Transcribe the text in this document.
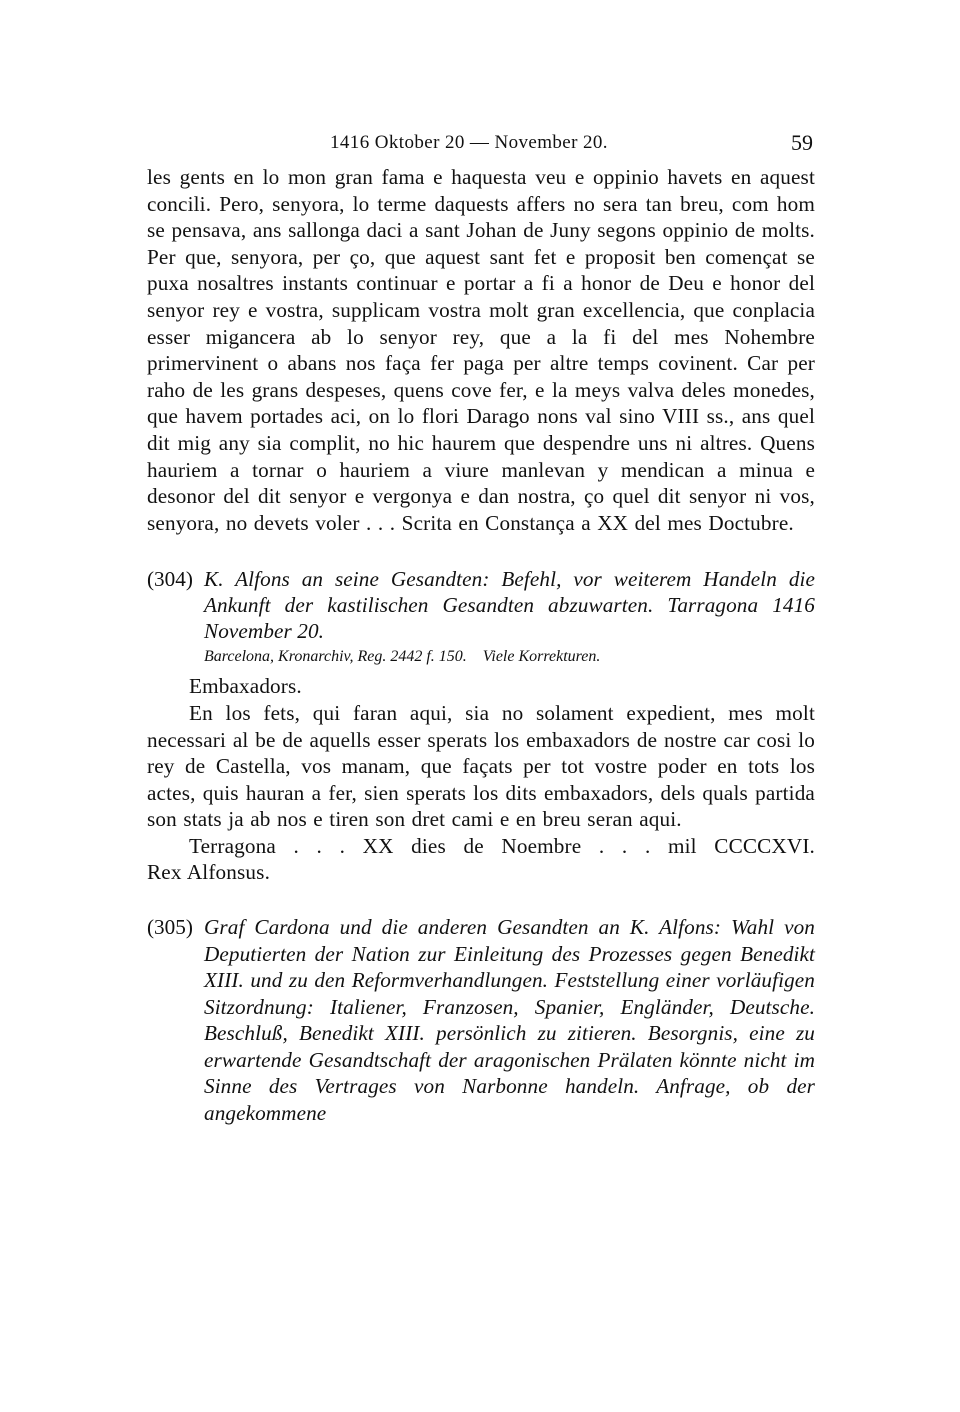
1416 Oktober 20 — November 20.	59

les gents en lo mon gran fama e haquesta veu e oppinio havets en aquest concili. Pero, senyora, lo terme daquests affers no sera tan breu, com hom se pensava, ans sallonga daci a sant Johan de Juny segons oppinio de molts. Per que, senyora, per ço, que aquest sant fet e proposit ben començat se puxa nosaltres instants continuar e portar a fi a honor de Deu e honor del senyor rey e vostra, supplicam vostra molt gran excellencia, que conplacia esser migancera ab lo senyor rey, que a la fi del mes Nohembre primervinent o abans nos faça fer paga per altre temps covinent. Car per raho de les grans despeses, quens cove fer, e la meys valva deles monedes, que havem portades aci, on lo flori Darago nons val sino VIII ss., ans quel dit mig any sia complit, no hic haurem que despendre uns ni altres. Quens hauriem a tornar o hauriem a viure manlevan y mendican a minua e desonor del dit senyor e vergonya e dan nostra, ço quel dit senyor ni vos, senyora, no devets voler . . . Scrita en Constança a XX del mes Doctubre.

(304) K. Alfons an seine Gesandten: Befehl, vor weiterem Handeln die Ankunft der kastilischen Gesandten abzuwarten. Tarragona 1416 November 20.
Barcelona, Kronarchiv, Reg. 2442 f. 150. Viele Korrekturen.

Embaxadors.

En los fets, qui faran aqui, sia no solament expedient, mes molt necessari al be de aquells esser sperats los embaxadors de nostre car cosi lo rey de Castella, vos manam, que façats per tot vostre poder en tots los actes, quis hauran a fer, sien sperats los dits embaxadors, dels quals partida son stats ja ab nos e tiren son dret cami e en breu seran aqui.

Terragona . . . XX dies de Noembre . . . mil CCCCXVI.

Rex Alfonsus.

(305) Graf Cardona und die anderen Gesandten an K. Alfons: Wahl von Deputierten der Nation zur Einleitung des Prozesses gegen Benedikt XIII. und zu den Reformverhandlungen. Feststellung einer vorläufigen Sitzordnung: Italiener, Franzosen, Spanier, Engländer, Deutsche. Beschluß, Benedikt XIII. persönlich zu zitieren. Besorgnis, eine zu erwartende Gesandtschaft der aragonischen Prälaten könnte nicht im Sinne des Vertrages von Narbonne handeln. Anfrage, ob der angekommene
